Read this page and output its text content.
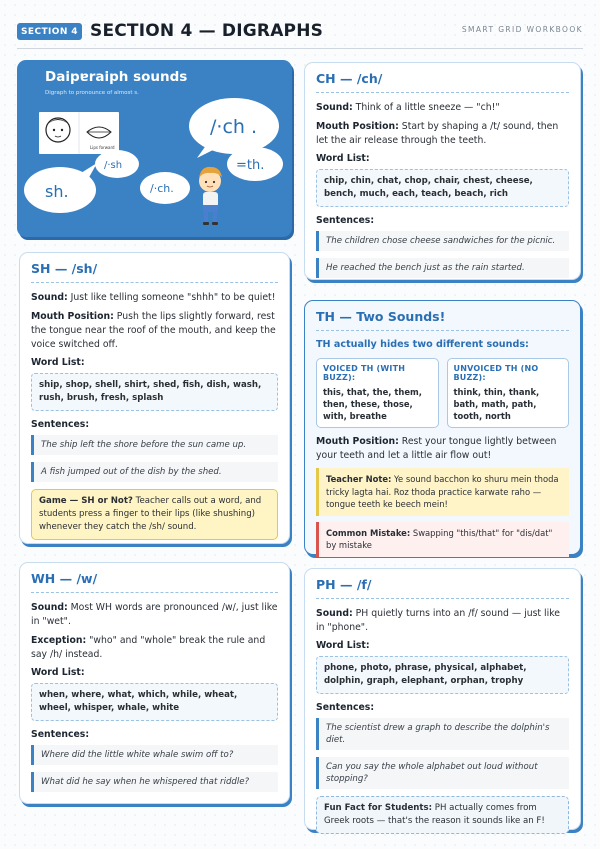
SECTION 4 SECTION 4 — DIGRAPHS	SMART GRID WORKBOOK
Daipɐraiph sounds
Digraph to pronounce of almost s.
Lips forward
/·ch .
sh.
/·sh
/·ch.
=th.
CH — /ch/
Sound: Think of a little sneeze — "ch!"
Mouth Position: Start by shaping a /t/ sound, then let the air release through the teeth.
Word List:
chip, chin, chat, chop, chair, chest, cheese, bench, much, each, teach, beach, rich
Sentences:
The children chose cheese sandwiches for the picnic.
He reached the bench just as the rain started.
SH — /sh/
Sound: Just like telling someone "shhh" to be quiet!
Mouth Position: Push the lips slightly forward, rest the tongue near the roof of the mouth, and keep the voice switched off.
Word List:
ship, shop, shell, shirt, shed, fish, dish, wash, rush, brush, fresh, splash
Sentences:
The ship left the shore before the sun came up.
A fish jumped out of the dish by the shed.
Game — SH or Not? Teacher calls out a word, and students press a finger to their lips (like shushing) whenever they catch the /sh/ sound.
TH — Two Sounds!
TH actually hides two different sounds:
VOICED TH (WITH BUZZ):
this, that, the, them, then, these, those, with, breathe
UNVOICED TH (NO BUZZ):
think, thin, thank, bath, math, path, tooth, north
Mouth Position: Rest your tongue lightly between your teeth and let a little air flow out!
Teacher Note: Ye sound bacchon ko shuru mein thoda tricky lagta hai. Roz thoda practice karwate raho — tongue teeth ke beech mein!
Common Mistake: Swapping "this/that" for "dis/dat" by mistake
WH — /w/
Sound: Most WH words are pronounced /w/, just like in "wet".
Exception: "who" and "whole" break the rule and say /h/ instead.
Word List:
when, where, what, which, while, wheat, wheel, whisper, whale, white
Sentences:
Where did the little white whale swim off to?
What did he say when he whispered that riddle?
PH — /f/
Sound: PH quietly turns into an /f/ sound — just like in "phone".
Word List:
phone, photo, phrase, physical, alphabet, dolphin, graph, elephant, orphan, trophy
Sentences:
The scientist drew a graph to describe the dolphin's diet.
Can you say the whole alphabet out loud without stopping?
Fun Fact for Students: PH actually comes from Greek roots — that's the reason it sounds like an F!
